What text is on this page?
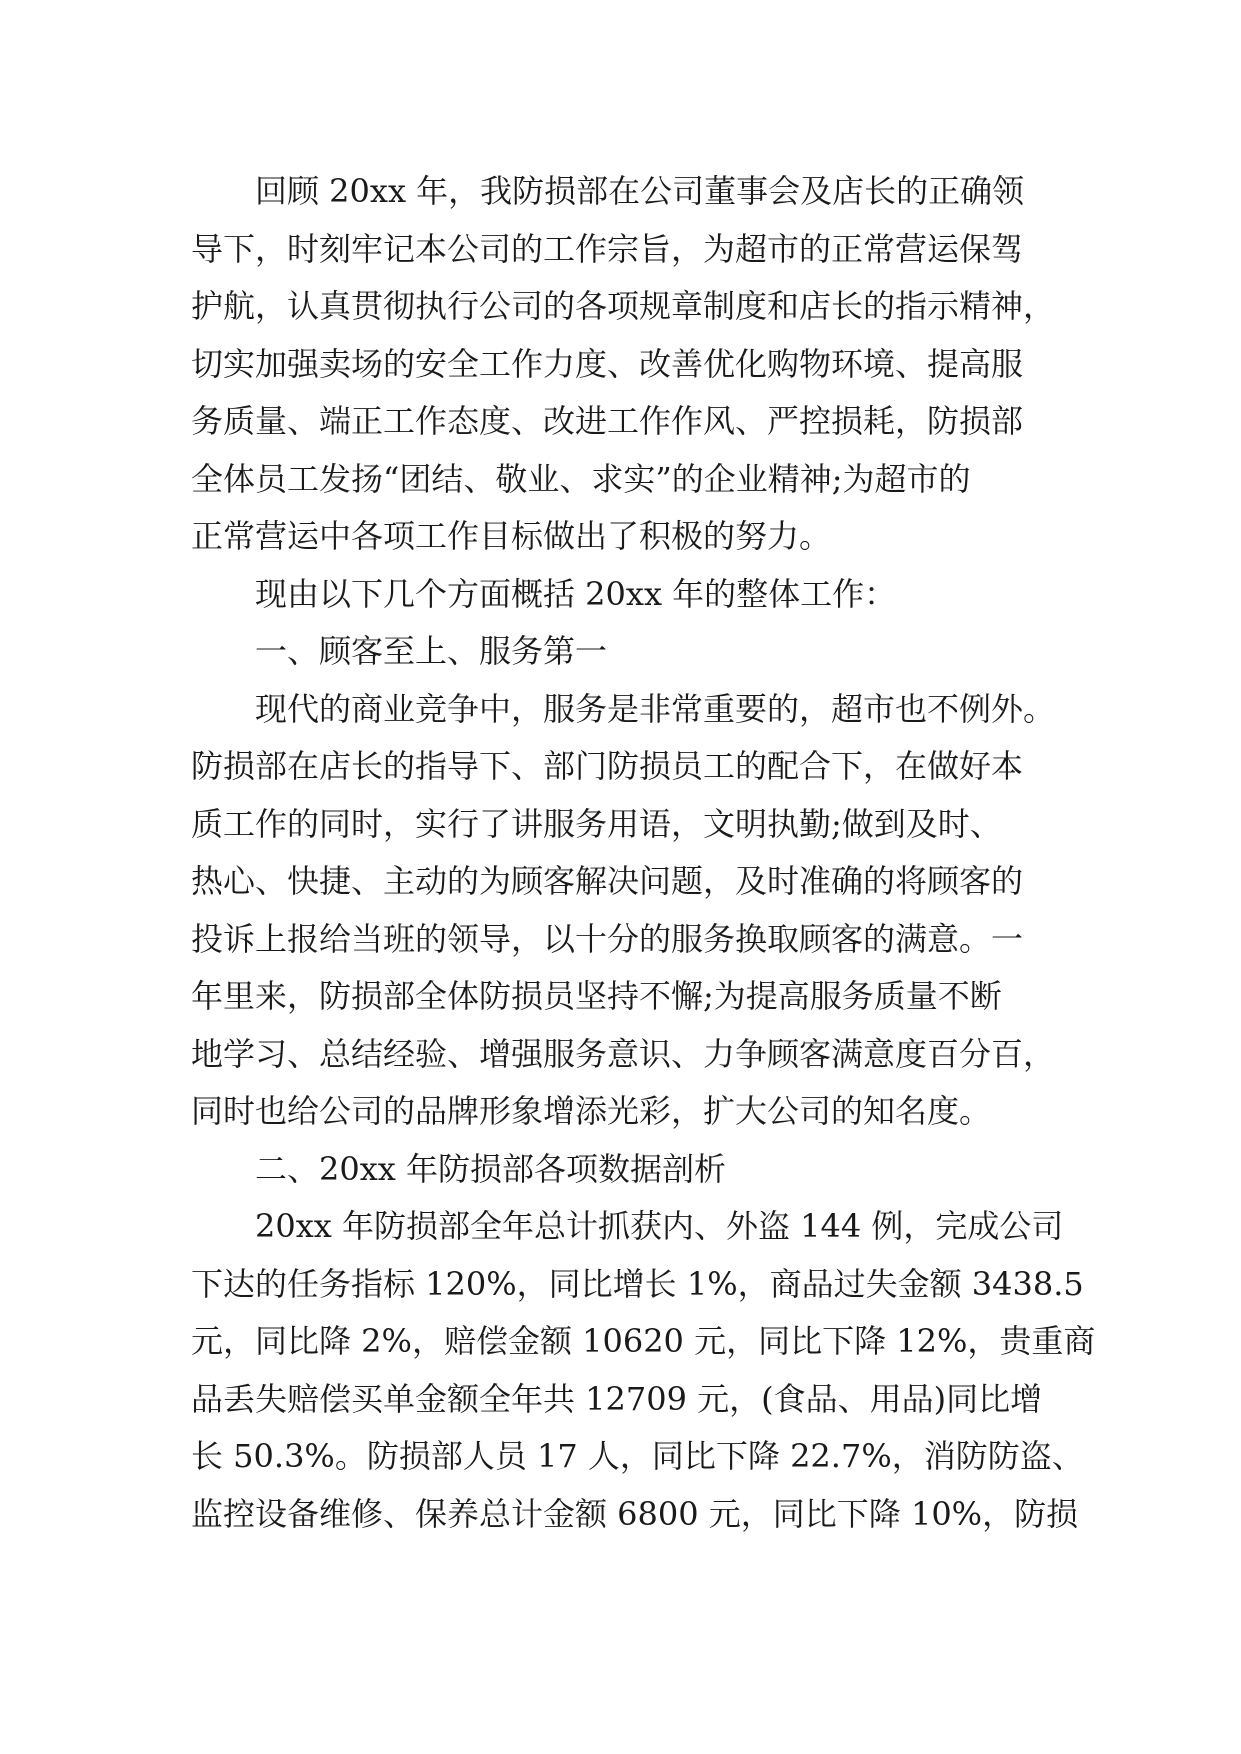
回顾 20xx 年，我防损部在公司董事会及店长的正确领
导下，时刻牢记本公司的工作宗旨，为超市的正常营运保驾
护航，认真贯彻执行公司的各项规章制度和店长的指示精神，
切实加强卖场的安全工作力度、改善优化购物环境、提高服
务质量、端正工作态度、改进工作作风、严控损耗，防损部
全体员工发扬“团结、敬业、求实”的企业精神;为超市的
正常营运中各项工作目标做出了积极的努力。
现由以下几个方面概括 20xx 年的整体工作：
一、顾客至上、服务第一
现代的商业竞争中，服务是非常重要的，超市也不例外。
防损部在店长的指导下、部门防损员工的配合下，在做好本
质工作的同时，实行了讲服务用语，文明执勤;做到及时、
热心、快捷、主动的为顾客解决问题，及时准确的将顾客的
投诉上报给当班的领导，以十分的服务换取顾客的满意。一
年里来，防损部全体防损员坚持不懈;为提高服务质量不断
地学习、总结经验、增强服务意识、力争顾客满意度百分百，
同时也给公司的品牌形象增添光彩，扩大公司的知名度。
二、20xx 年防损部各项数据剖析
20xx 年防损部全年总计抓获内、外盗 144 例，完成公司
下达的任务指标 120%，同比增长 1%，商品过失金额 3438.5
元，同比降 2%，赔偿金额 10620 元，同比下降 12%，贵重商
品丢失赔偿买单金额全年共 12709 元，(食品、用品)同比增
长 50.3%。防损部人员 17 人，同比下降 22.7%，消防防盗、
监控设备维修、保养总计金额 6800 元，同比下降 10%，防损
